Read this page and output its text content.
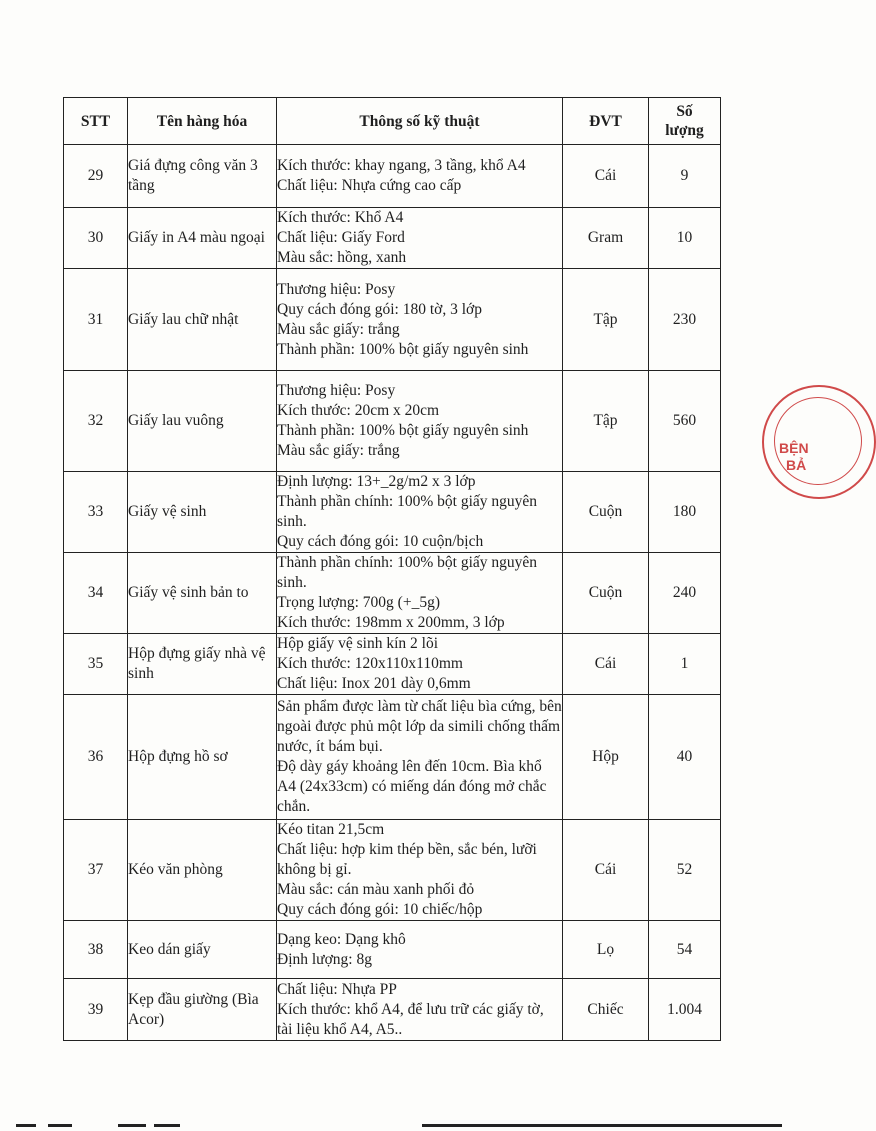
STT	Tên hàng hóa	Thông số kỹ thuật	ĐVT	Số
lượng

29	Giá đựng công văn 3 tầng	Kích thước: khay ngang, 3 tầng, khổ A4
Chất liệu: Nhựa cứng cao cấp	Cái	9
30	Giấy in A4 màu ngoại	Kích thước: Khổ A4
Chất liệu: Giấy Ford
Màu sắc: hồng, xanh	Gram	10
31	Giấy lau chữ nhật	Thương hiệu: Posy
Quy cách đóng gói: 180 tờ, 3 lớp
Màu sắc giấy: trắng
Thành phần: 100% bột giấy nguyên sinh	Tập	230
32	Giấy lau vuông	Thương hiệu: Posy
Kích thước: 20cm x 20cm
Thành phần: 100% bột giấy nguyên sinh
Màu sắc giấy: trắng	Tập	560
33	Giấy vệ sinh	Định lượng: 13+_2g/m2 x 3 lớp
Thành phần chính: 100% bột giấy nguyên sinh.
Quy cách đóng gói: 10 cuộn/bịch	Cuộn	180
34	Giấy vệ sinh bản to	Thành phần chính: 100% bột giấy nguyên sinh.
Trọng lượng: 700g (+_5g)
Kích thước: 198mm x 200mm, 3 lớp	Cuộn	240
35	Hộp đựng giấy nhà vệ sinh	Hộp giấy vệ sinh kín 2 lõi
Kích thước: 120x110x110mm
Chất liệu: Inox 201 dày 0,6mm	Cái	1
36	Hộp đựng hồ sơ	Sản phẩm được làm từ chất liệu bìa cứng, bên ngoài được phủ một lớp da simili chống thấm nước, ít bám bụi.
Độ dày gáy khoảng lên đến 10cm. Bìa khổ A4 (24x33cm) có miếng dán đóng mở chắc chắn.	Hộp	40
37	Kéo văn phòng	Kéo titan 21,5cm
Chất liệu: hợp kim thép bền, sắc bén, lưỡi không bị gỉ.
Màu sắc: cán màu xanh phối đỏ
Quy cách đóng gói: 10 chiếc/hộp	Cái	52
38	Keo dán giấy	Dạng keo: Dạng khô
Định lượng: 8g	Lọ	54
39	Kẹp đầu giường (Bìa Acor)	Chất liệu: Nhựa PP
Kích thước: khổ A4, để lưu trữ các giấy tờ, tài liệu khổ A4, A5..	Chiếc	1.004
BỆN
BẢ
